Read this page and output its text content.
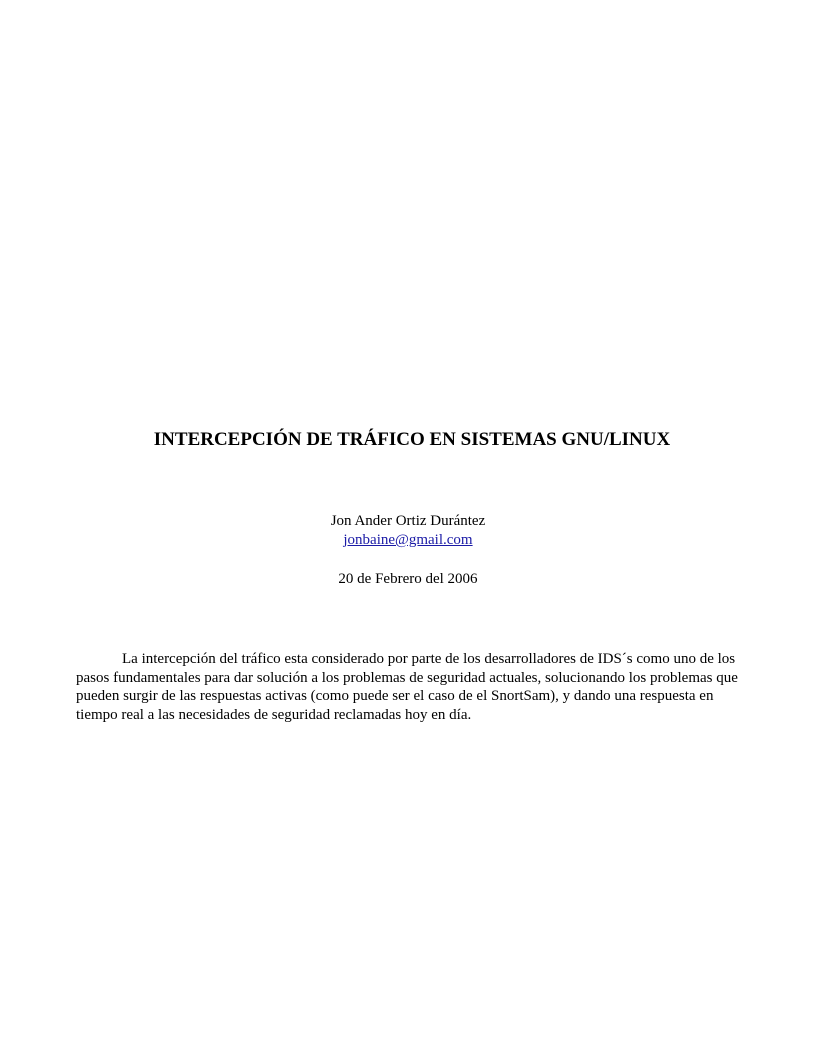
INTERCEPCIÓN DE TRÁFICO EN SISTEMAS GNU/LINUX
Jon Ander Ortiz Durántez
jonbaine@gmail.com
20 de Febrero del 2006

La intercepción del tráfico esta considerado por parte de los desarrolladores de IDS´s como uno de los pasos fundamentales para dar solución a los problemas de seguridad actuales, solucionando los problemas que pueden surgir de las respuestas activas (como puede ser el caso de el SnortSam), y dando una respuesta en tiempo real a las necesidades de seguridad reclamadas hoy en día.
